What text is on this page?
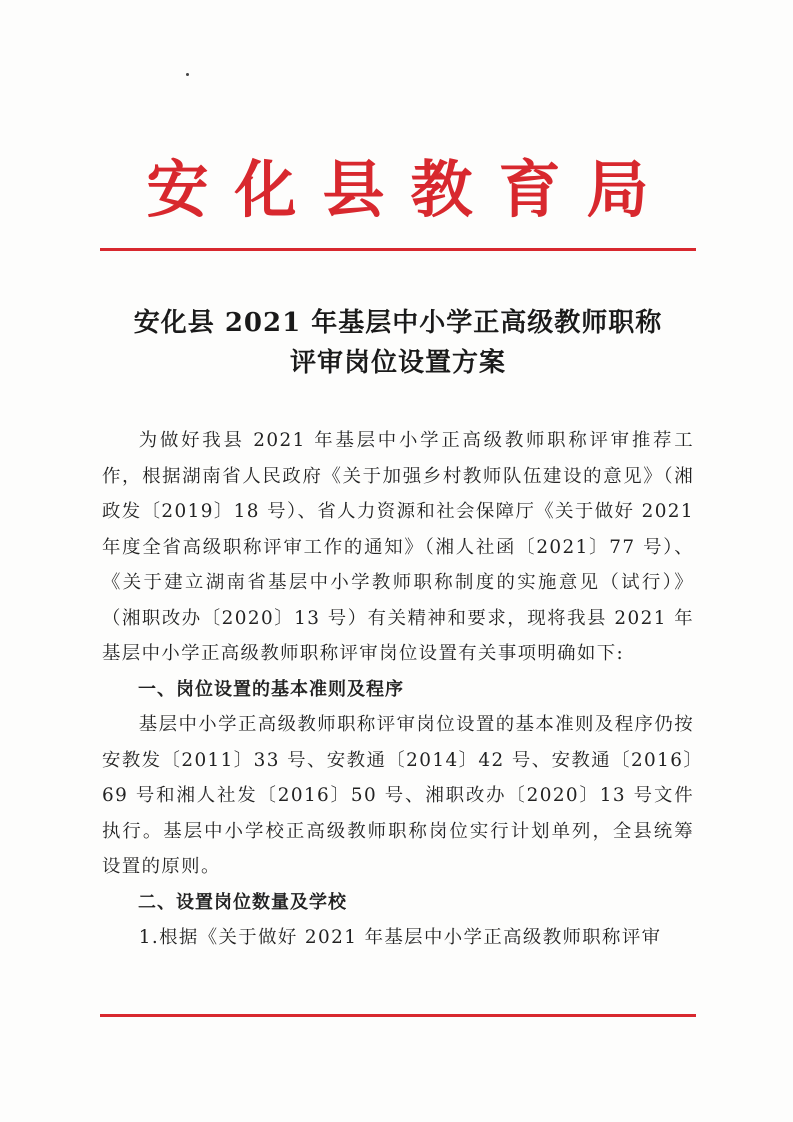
安化县教育局
安化县 2021 年基层中小学正高级教师职称
评审岗位设置方案

为做好我县 2021 年基层中小学正高级教师职称评审推荐工作，根据湖南省人民政府《关于加强乡村教师队伍建设的意见》（湘政发〔2019〕18 号）、省人力资源和社会保障厅《关于做好 2021 年度全省高级职称评审工作的通知》（湘人社函〔2021〕77 号）、《关于建立湖南省基层中小学教师职称制度的实施意见（试行）》（湘职改办〔2020〕13 号）有关精神和要求，现将我县 2021 年基层中小学正高级教师职称评审岗位设置有关事项明确如下:

一、岗位设置的基本准则及程序

基层中小学正高级教师职称评审岗位设置的基本准则及程序仍按安教发〔2011〕33 号、安教通〔2014〕42 号、安教通〔2016〕69 号和湘人社发〔2016〕50 号、湘职改办〔2020〕13 号文件执行。基层中小学校正高级教师职称岗位实行计划单列，全县统筹设置的原则。

二、设置岗位数量及学校

1.根据《关于做好 2021 年基层中小学正高级教师职称评审
